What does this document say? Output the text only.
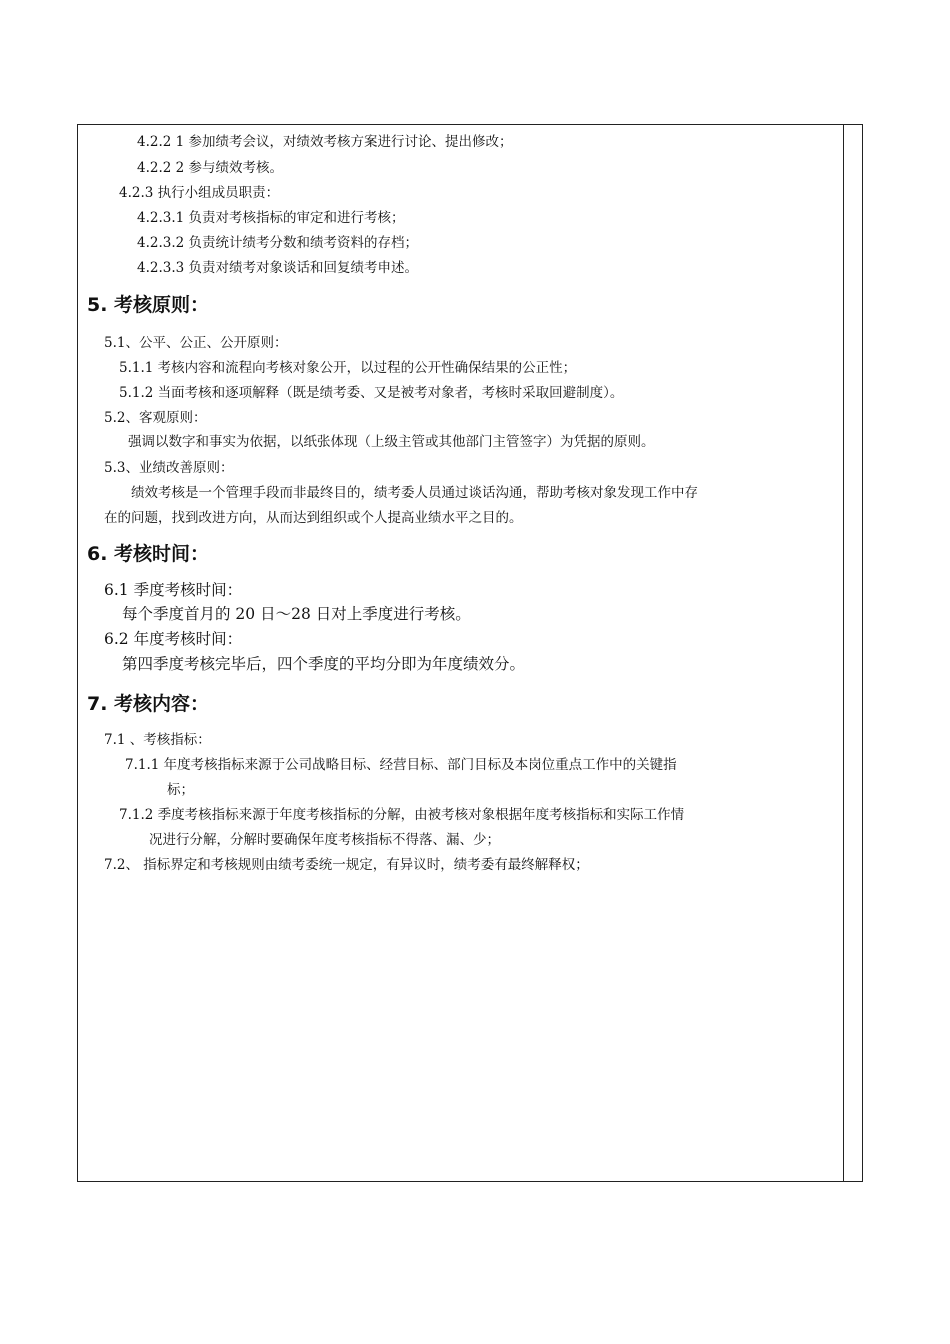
4.2.2 1 参加绩考会议，对绩效考核方案进行讨论、提出修改；
4.2.2 2 参与绩效考核。
4.2.3 执行小组成员职责：
4.2.3.1 负责对考核指标的审定和进行考核；
4.2.3.2 负责统计绩考分数和绩考资料的存档；
4.2.3.3 负责对绩考对象谈话和回复绩考申述。
5. 考核原则：
5.1、公平、公正、公开原则：
5.1.1 考核内容和流程向考核对象公开，以过程的公开性确保结果的公正性；
5.1.2 当面考核和逐项解释（既是绩考委、又是被考对象者，考核时采取回避制度）。
5.2、客观原则：
强调以数字和事实为依据，以纸张体现（上级主管或其他部门主管签字）为凭据的原则。
5.3、业绩改善原则：
绩效考核是一个管理手段而非最终目的，绩考委人员通过谈话沟通，帮助考核对象发现工作中存
在的问题，找到改进方向，从而达到组织或个人提高业绩水平之目的。
6. 考核时间：
6.1 季度考核时间：
每个季度首月的 20 日～28 日对上季度进行考核。
6.2 年度考核时间：
第四季度考核完毕后，四个季度的平均分即为年度绩效分。
7. 考核内容：
7.1 、考核指标：
7.1.1 年度考核指标来源于公司战略目标、经营目标、部门目标及本岗位重点工作中的关键指
标；
7.1.2 季度考核指标来源于年度考核指标的分解，由被考核对象根据年度考核指标和实际工作情
况进行分解，分解时要确保年度考核指标不得落、漏、少；
7.2、 指标界定和考核规则由绩考委统一规定，有异议时，绩考委有最终解释权；
